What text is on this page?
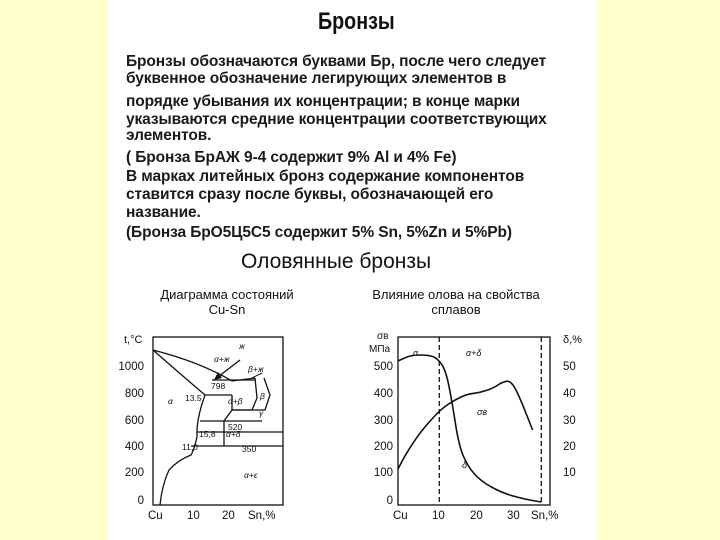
Бронзы
Бронзы обозначаются буквами Бр, после чего следует
буквенное обозначение легирующих элементов в
порядке убывания их концентрации; в конце марки
указываются средние концентрации соответствующих
элементов.
( Бронза БрАЖ 9-4 содержит 9% Al и 4% Fe)
В марках литейных бронз содержание компонентов
ставится сразу после буквы, обозначающей его
название.
(Бронза БрО5Ц5С5 содержит 5% Sn, 5%Zn и 5%Pb)
Оловянные бронзы
Диаграмма состояний
Cu-Sn
Влияние олова на свойства
сплавов
t,°C
1000
800
600
400
200
0
Cu 10 20 Sn,%
ж
α+ж
β+ж
α	α+β β
γ
α+δ
α+ε
798
520
350
13.5
15,8
11,0
σв
МПа
δ,%
500
400
300
200
100
0
50
40
30
20
10
Cu 10 20 30 Sn,%
α	α+δ
σв
δ
